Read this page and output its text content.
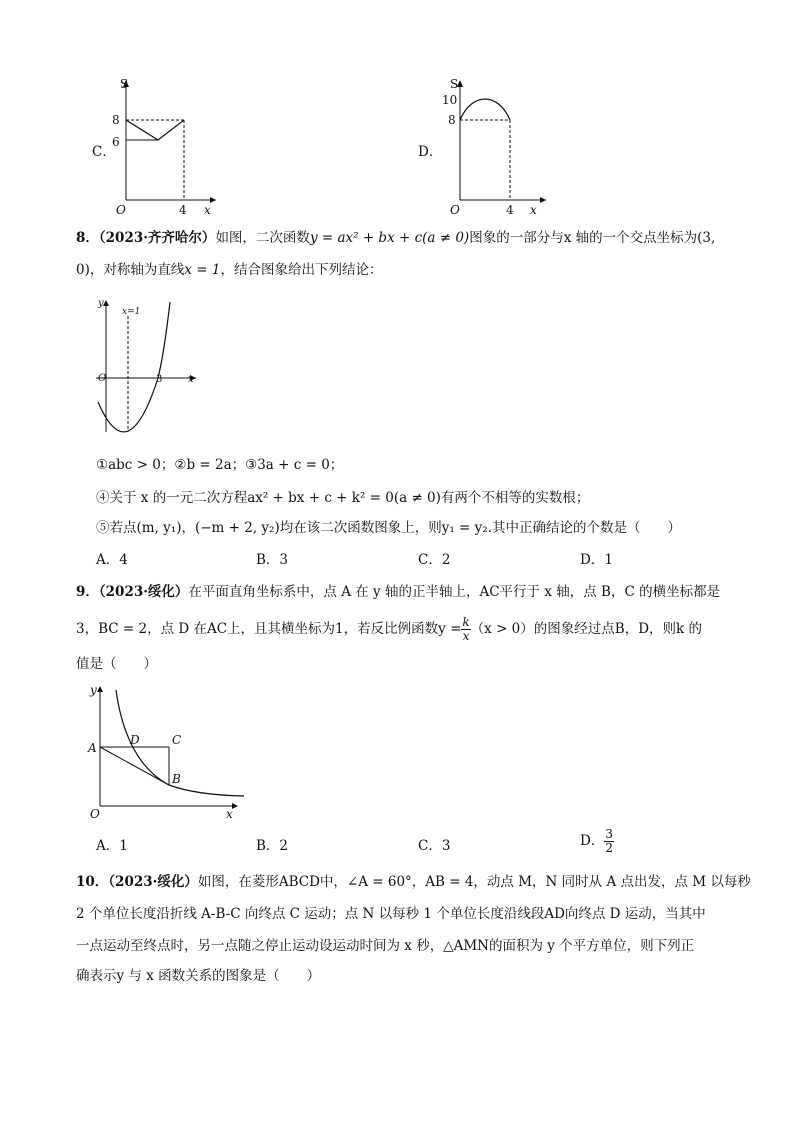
C．
S
8
6
O	4 x
D．
S
10
8
O	4 x
8．（2023·齐齐哈尔）如图，二次函数y = ax² + bx + c(a ≠ 0)图象的一部分与x 轴的一个交点坐标为(3,
0)，对称轴为直线x = 1，结合图象给出下列结论：
y
x=1
O	3	x
①abc > 0；②b = 2a；③3a + c = 0；
④关于 x 的一元二次方程ax² + bx + c + k² = 0(a ≠ 0)有两个不相等的实数根；
⑤若点(m, y₁)，(−m + 2, y₂)均在该二次函数图象上，则y₁ = y₂.其中正确结论的个数是（　　）
A．4	B．3	C．2	D．1
9．（2023·绥化）在平面直角坐标系中，点 A 在 y 轴的正半轴上，AC平行于 x 轴，点 B，C 的横坐标都是
3，BC = 2，点 D 在AC上，且其横坐标为1，若反比例函数$y = \frac{k}{x} (x > 0)$的图象经过点B，D，则k 的
值是（　　）
y
A
D	C
B
O	x
A．1	B．2	C．3	D． $\frac{3}{2}$
10．（2023·绥化）如图，在菱形ABCD中，∠A = 60°，AB = 4，动点 M，N 同时从 A 点出发，点 M 以每秒
2 个单位长度沿折线 A-B-C 向终点 C 运动；点 N 以每秒 1 个单位长度沿线段AD向终点 D 运动，当其中
一点运动至终点时，另一点随之停止运动设运动时间为 x 秒，△AMN的面积为 y 个平方单位，则下列正
确表示y 与 x 函数关系的图象是（　　）
